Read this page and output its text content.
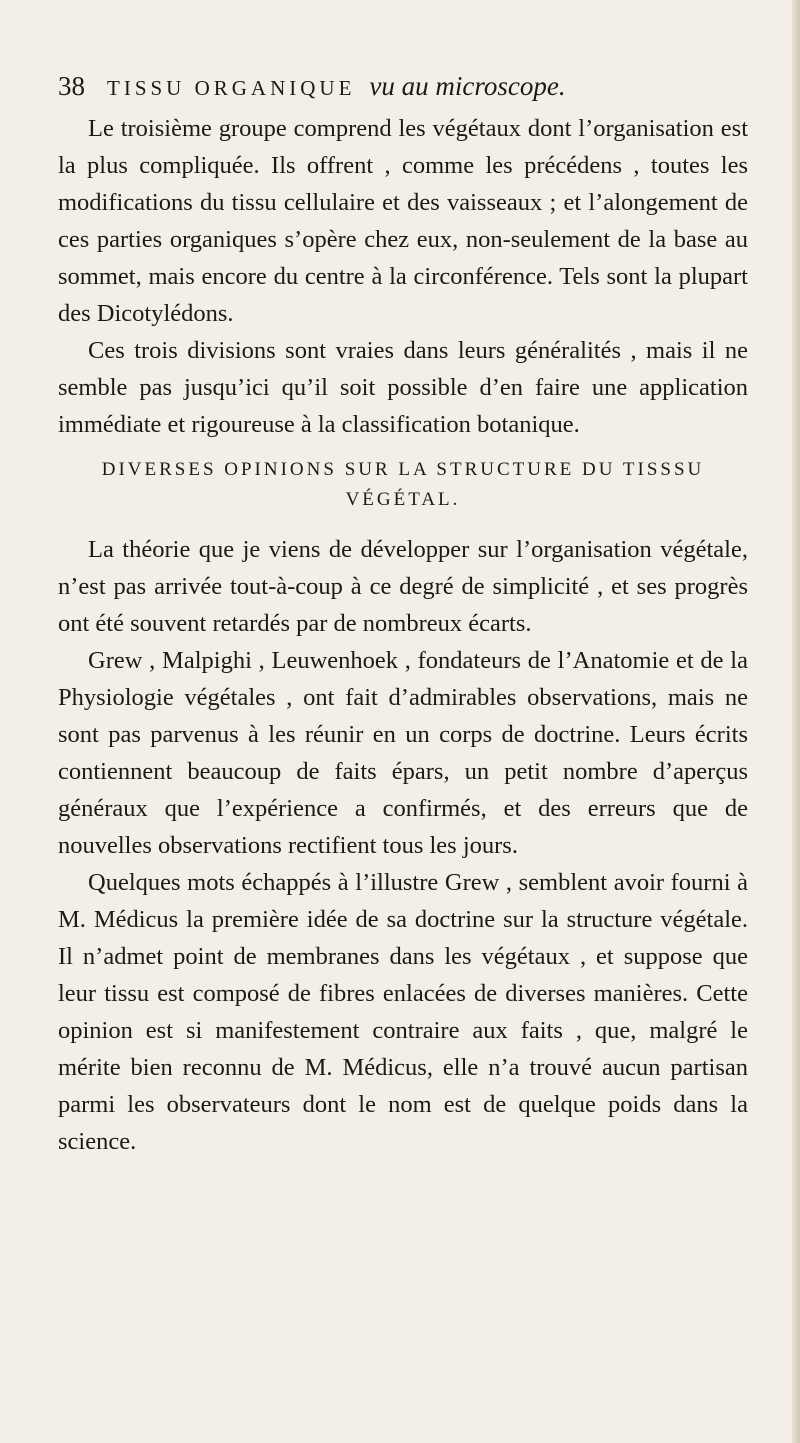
38 TISSU ORGANIQUE vu au microscope.

Le troisième groupe comprend les végétaux dont l’organisation est la plus compliquée. Ils offrent , comme les précédens , toutes les modifications du tissu cellulaire et des vaisseaux ; et l’alongement de ces parties organiques s’opère chez eux, non-seulement de la base au sommet, mais encore du centre à la circonférence. Tels sont la plupart des Dicotylédons.

Ces trois divisions sont vraies dans leurs généralités , mais il ne semble pas jusqu’ici qu’il soit possible d’en faire une application immédiate et rigoureuse à la classification botanique.

DIVERSES OPINIONS SUR LA STRUCTURE DU TISSSU
VÉGÉTAL.

La théorie que je viens de développer sur l’organisation végétale, n’est pas arrivée tout-à-coup à ce degré de simplicité , et ses progrès ont été souvent retardés par de nombreux écarts.

Grew , Malpighi , Leuwenhoek , fondateurs de l’Anatomie et de la Physiologie végétales , ont fait d’admirables observations, mais ne sont pas parvenus à les réunir en un corps de doctrine. Leurs écrits contiennent beaucoup de faits épars, un petit nombre d’aperçus généraux que l’expérience a confirmés, et des erreurs que de nouvelles observations rectifient tous les jours.

Quelques mots échappés à l’illustre Grew , semblent avoir fourni à M. Médicus la première idée de sa doctrine sur la structure végétale. Il n’admet point de membranes dans les végétaux , et suppose que leur tissu est composé de fibres enlacées de diverses manières. Cette opinion est si manifestement contraire aux faits , que, malgré le mérite bien reconnu de M. Médicus, elle n’a trouvé aucun partisan parmi les observateurs dont le nom est de quelque poids dans la science.
